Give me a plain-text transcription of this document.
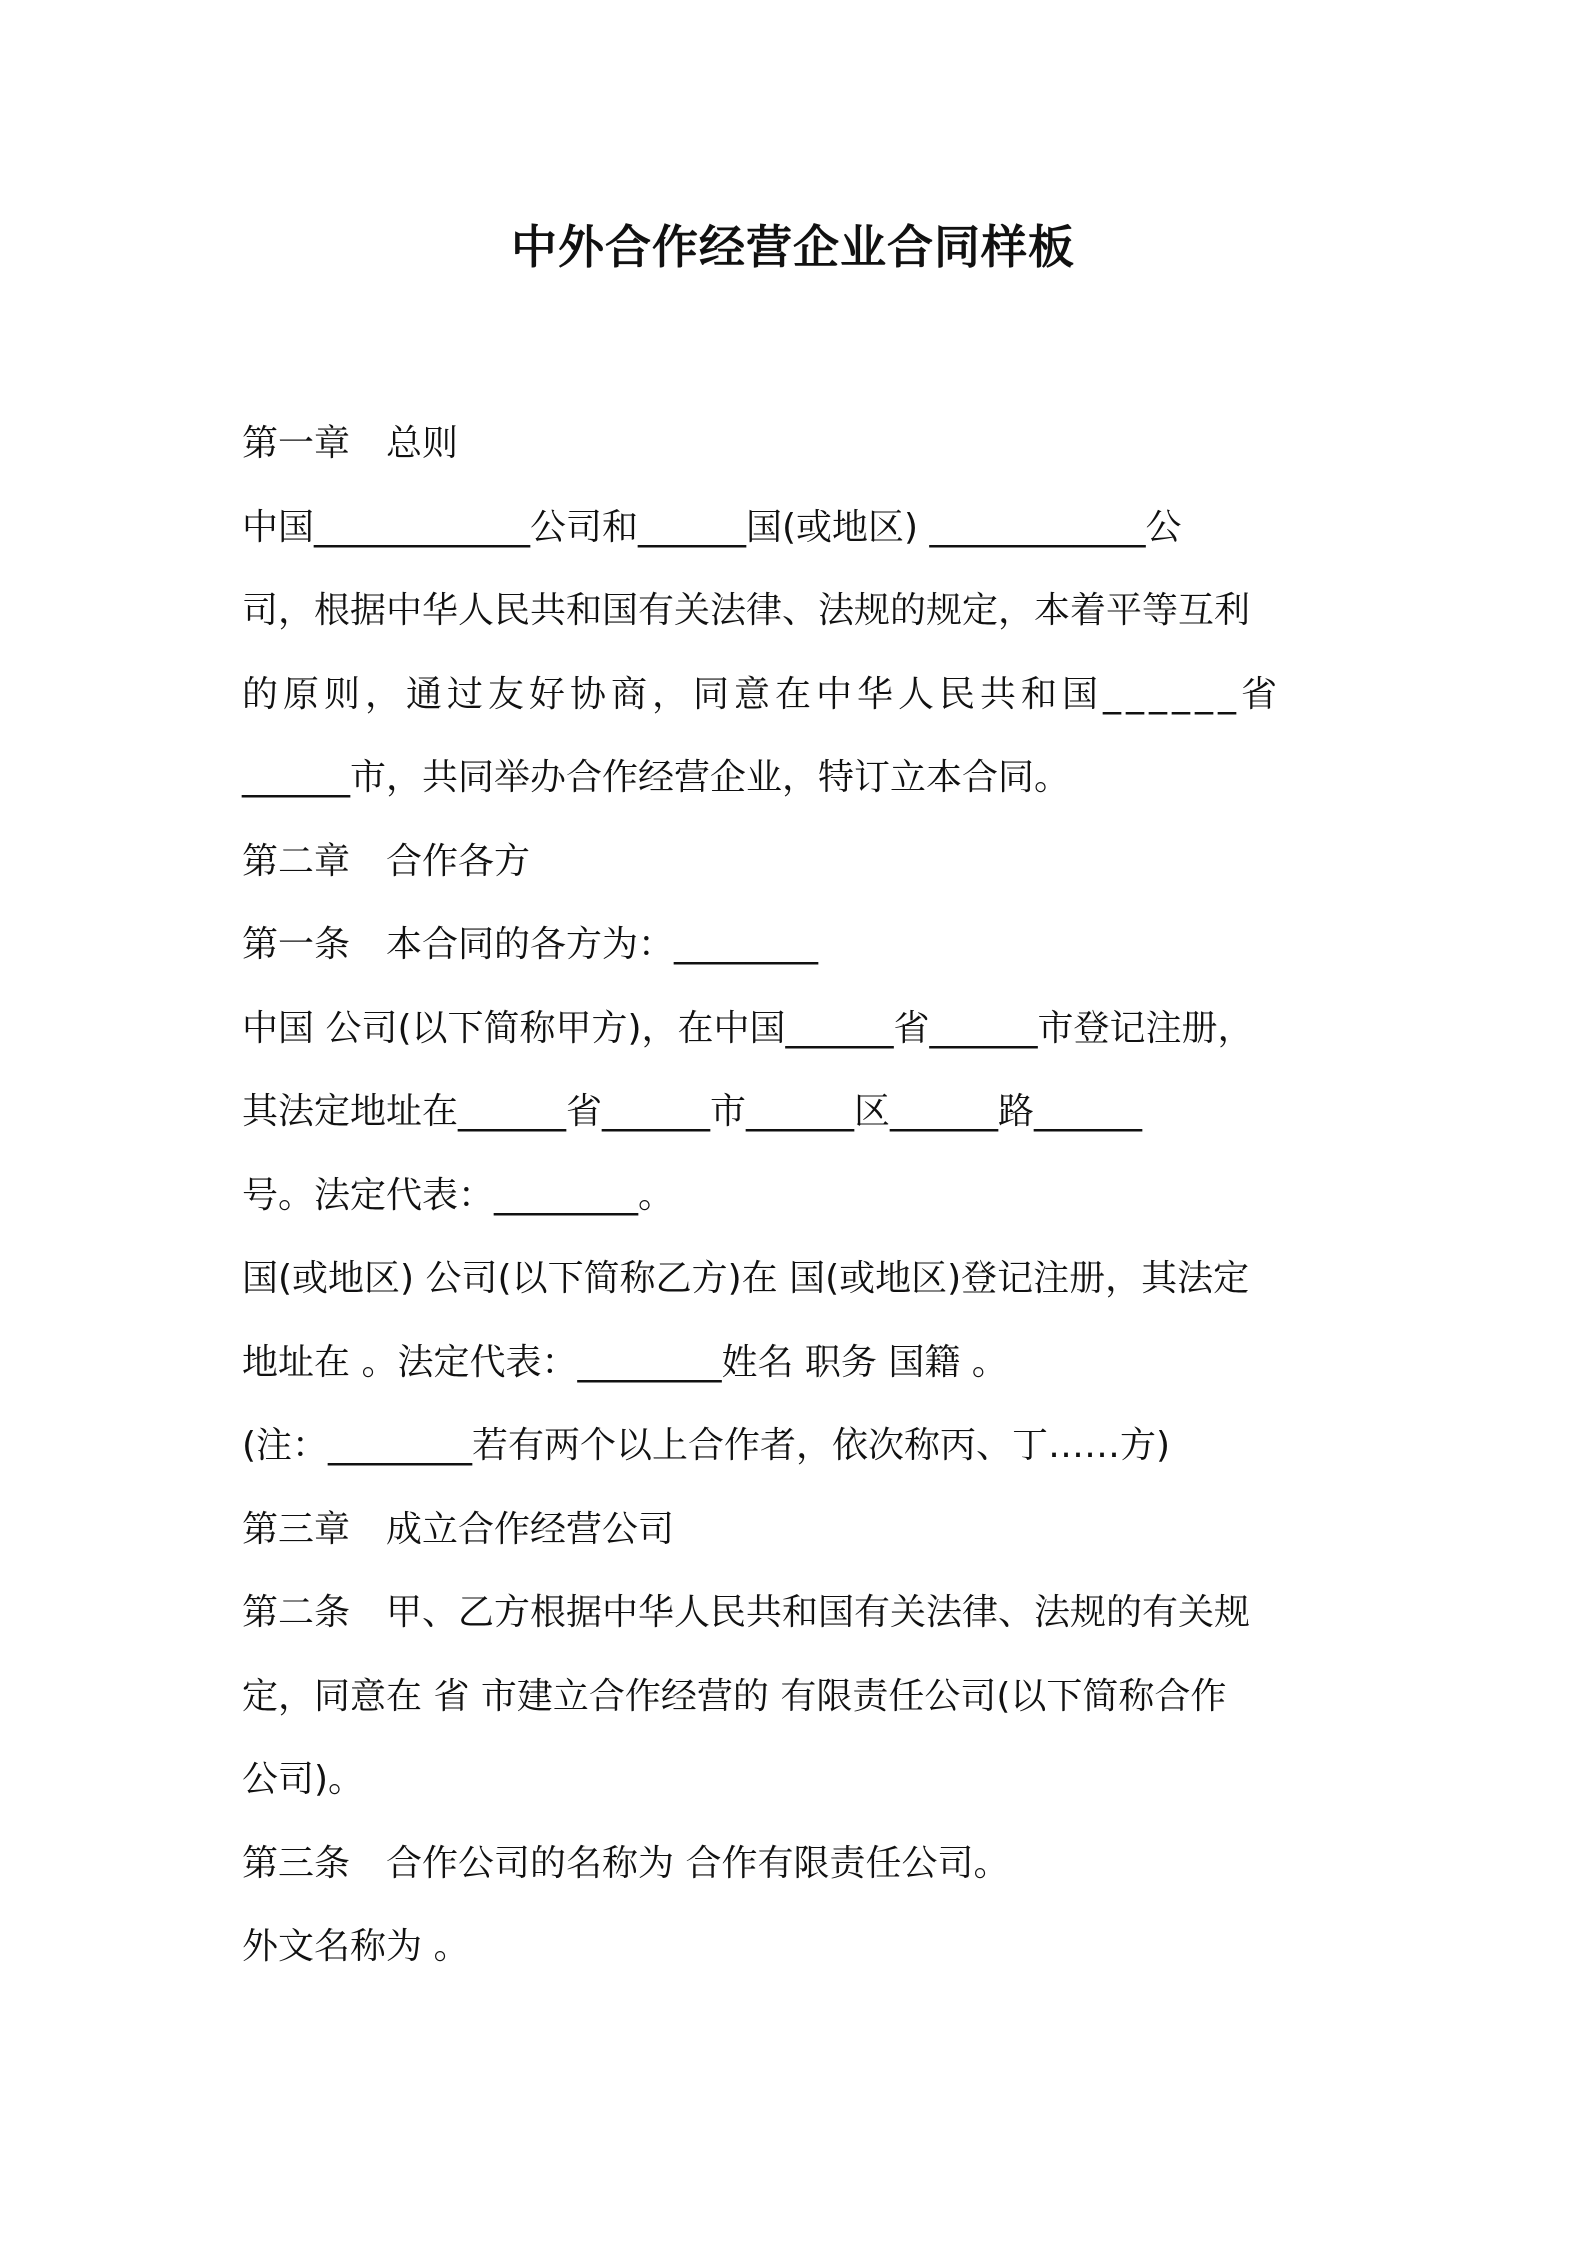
中外合作经营企业合同样板
第一章　总则
中国____________公司和______国(或地区) ____________公
司，根据中华人民共和国有关法律、法规的规定，本着平等互利
的原则，通过友好协商，同意在中华人民共和国______省
______市，共同举办合作经营企业，特订立本合同。
第二章　合作各方
第一条　本合同的各方为：________
中国 公司(以下简称甲方)，在中国______省______市登记注册，
其法定地址在______省______市______区______路______
号。法定代表：________。
国(或地区) 公司(以下简称乙方)在 国(或地区)登记注册，其法定
地址在 。法定代表：________姓名 职务 国籍 。
(注：________若有两个以上合作者，依次称丙、丁……方)
第三章　成立合作经营公司
第二条　甲、乙方根据中华人民共和国有关法律、法规的有关规
定，同意在 省 市建立合作经营的 有限责任公司(以下简称合作
公司)。
第三条　合作公司的名称为 合作有限责任公司。
外文名称为 。
